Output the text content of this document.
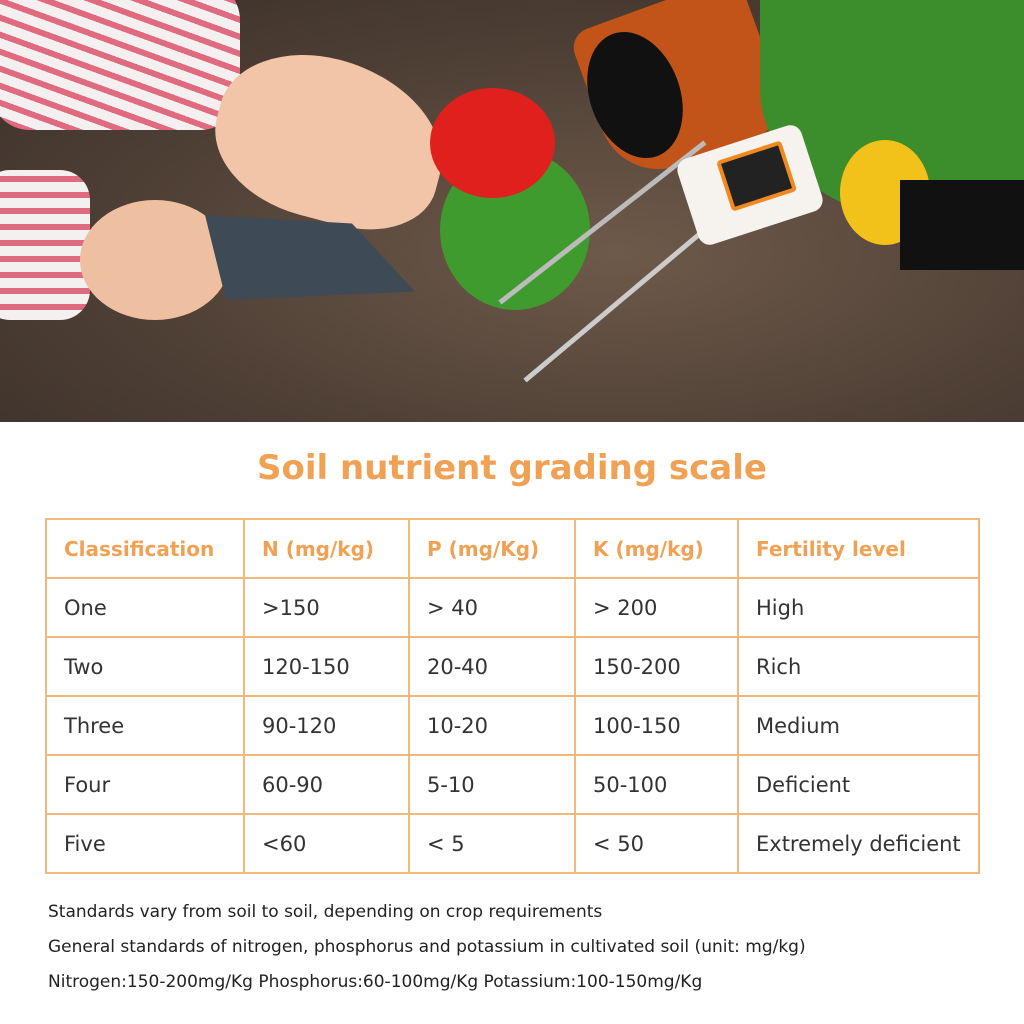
Soil nutrient grading scale
Classification	N (mg/kg)	P (mg/Kg)	K (mg/kg)	Fertility level
One	>150	> 40	> 200	High
Two	120-150	20-40	150-200	Rich
Three	90-120	10-20	100-150	Medium
Four	60-90	5-10	50-100	Deficient
Five	<60	< 5	< 50	Extremely deficient
Standards vary from soil to soil, depending on crop requirements
General standards of nitrogen, phosphorus and potassium in cultivated soil (unit: mg/kg)
Nitrogen:150-200mg/Kg Phosphorus:60-100mg/Kg Potassium:100-150mg/Kg
